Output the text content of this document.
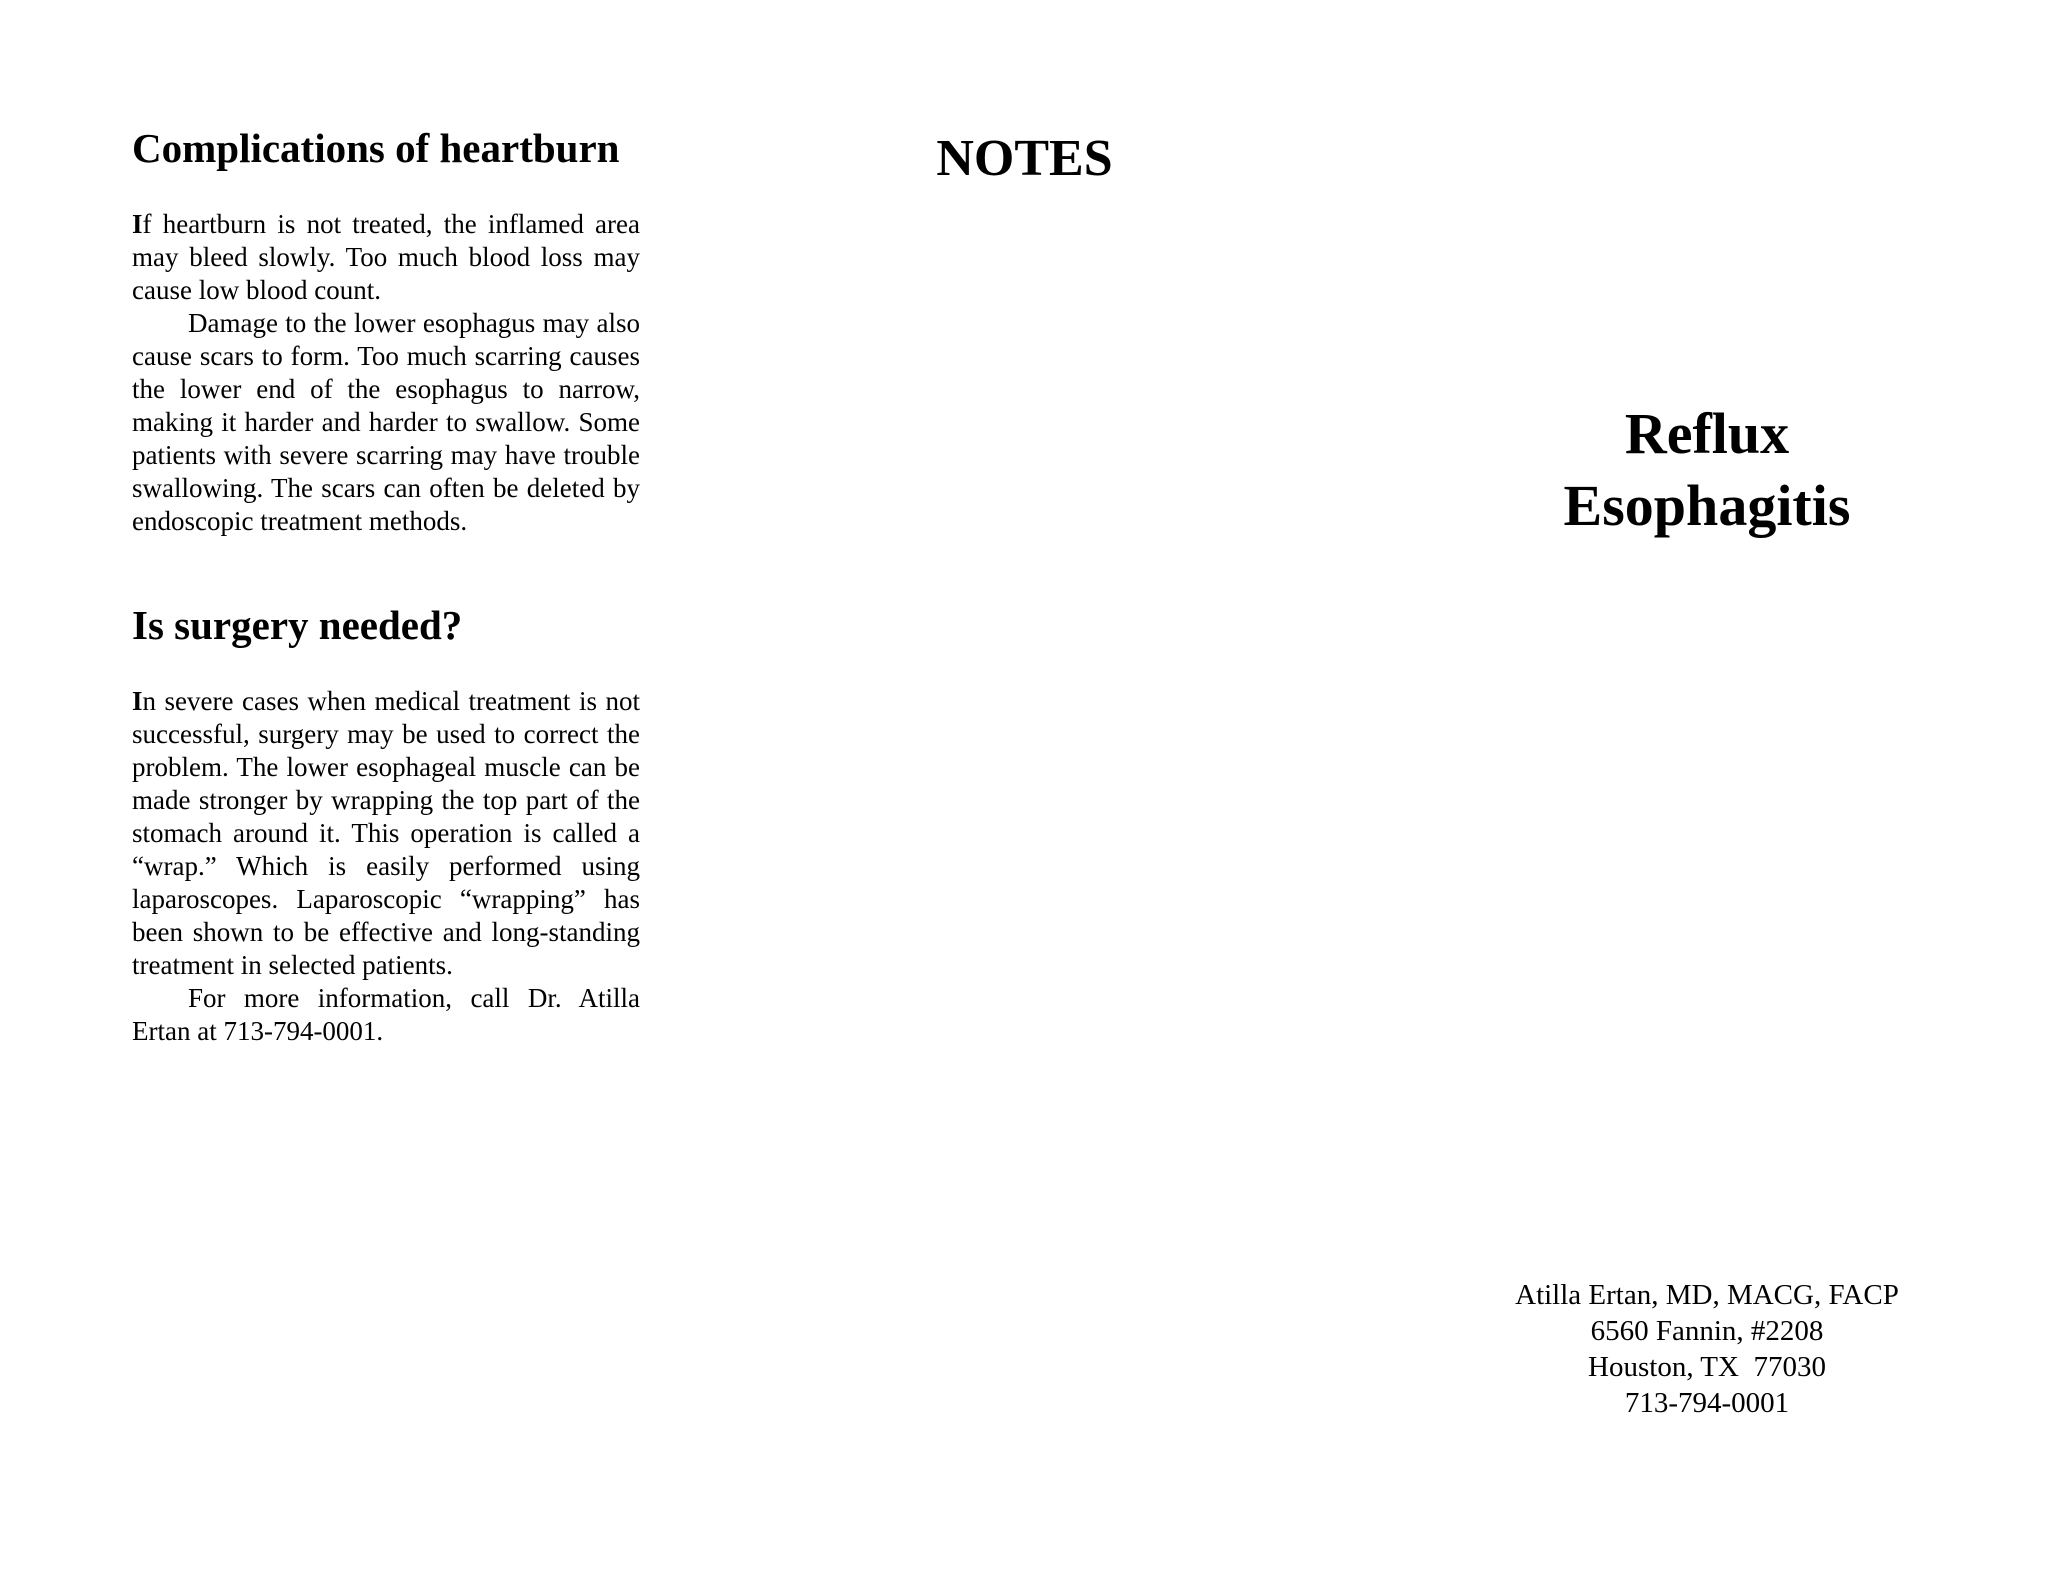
Complications of heartburn

If heartburn is not treated, the inflamed area may bleed slowly. Too much blood loss may cause low blood count.

Damage to the lower esophagus may also cause scars to form. Too much scarring causes the lower end of the esophagus to narrow, making it harder and harder to swallow. Some patients with severe scarring may have trouble swallowing. The scars can often be deleted by endoscopic treatment methods.

Is surgery needed?

In severe cases when medical treatment is not successful, surgery may be used to correct the problem. The lower esophageal muscle can be made stronger by wrapping the top part of the stomach around it. This operation is called a “wrap.” Which is easily performed using laparoscopes. Laparoscopic “wrapping” has been shown to be effective and long-standing treatment in selected patients.

For more information, call Dr. Atilla Ertan at 713-794-0001.

NOTES
Reflux
Esophagitis
Atilla Ertan, MD, MACG, FACP
6560 Fannin, #2208
Houston, TX  77030
713-794-0001
